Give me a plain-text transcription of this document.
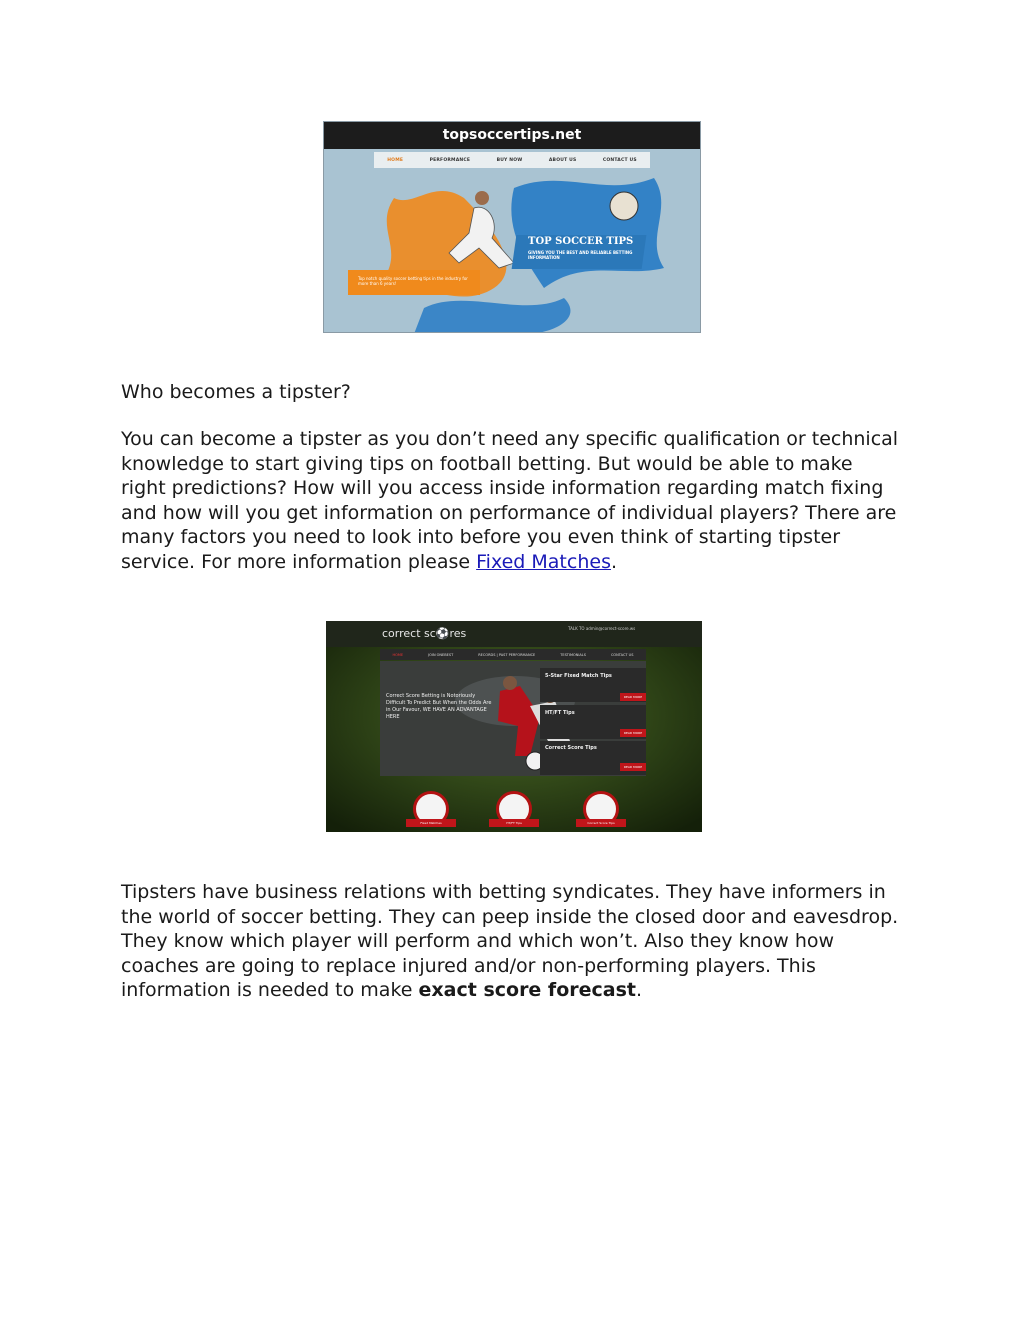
topsoccertips.net
HOME	PERFORMANCE	BUY NOW	ABOUT US	CONTACT US
TOP SOCCER TIPS
GIVING YOU THE BEST AND RELIABLE BETTING INFORMATION
Top notch quality soccer betting tips in the industry for more than 6 years!
Who becomes a tipster?
You can become a tipster as you don’t need any specific qualification or technical knowledge to start giving tips on football betting. But would be able to make right predictions? How will you access inside information regarding match fixing and how will you get information on performance of individual players? There are many factors you need to look into before you even think of starting tipster service. For more information please Fixed Matches.
correct sc⚽res	TALK TO admin@correct-score.ws
HOME	JOIN ONEBEST	RECORDS | PAST PERFORMANCE	TESTIMONIALS	CONTACT US
Correct Score Betting is Notoriously Difficult To Predict But When the Odds Are in Our Favour, WE HAVE AN ADVANTAGE HERE
5-Star Fixed Match Tips
READ MORE
HT/FT Tips
READ MORE
Correct Score Tips
READ MORE
Fixed Matches	HT/FT Tips	Correct Score Tips
Tipsters have business relations with betting syndicates. They have informers in the world of soccer betting. They can peep inside the closed door and eavesdrop. They know which player will perform and which won’t. Also they know how coaches are going to replace injured and/or non-performing players. This information is needed to make exact score forecast.
